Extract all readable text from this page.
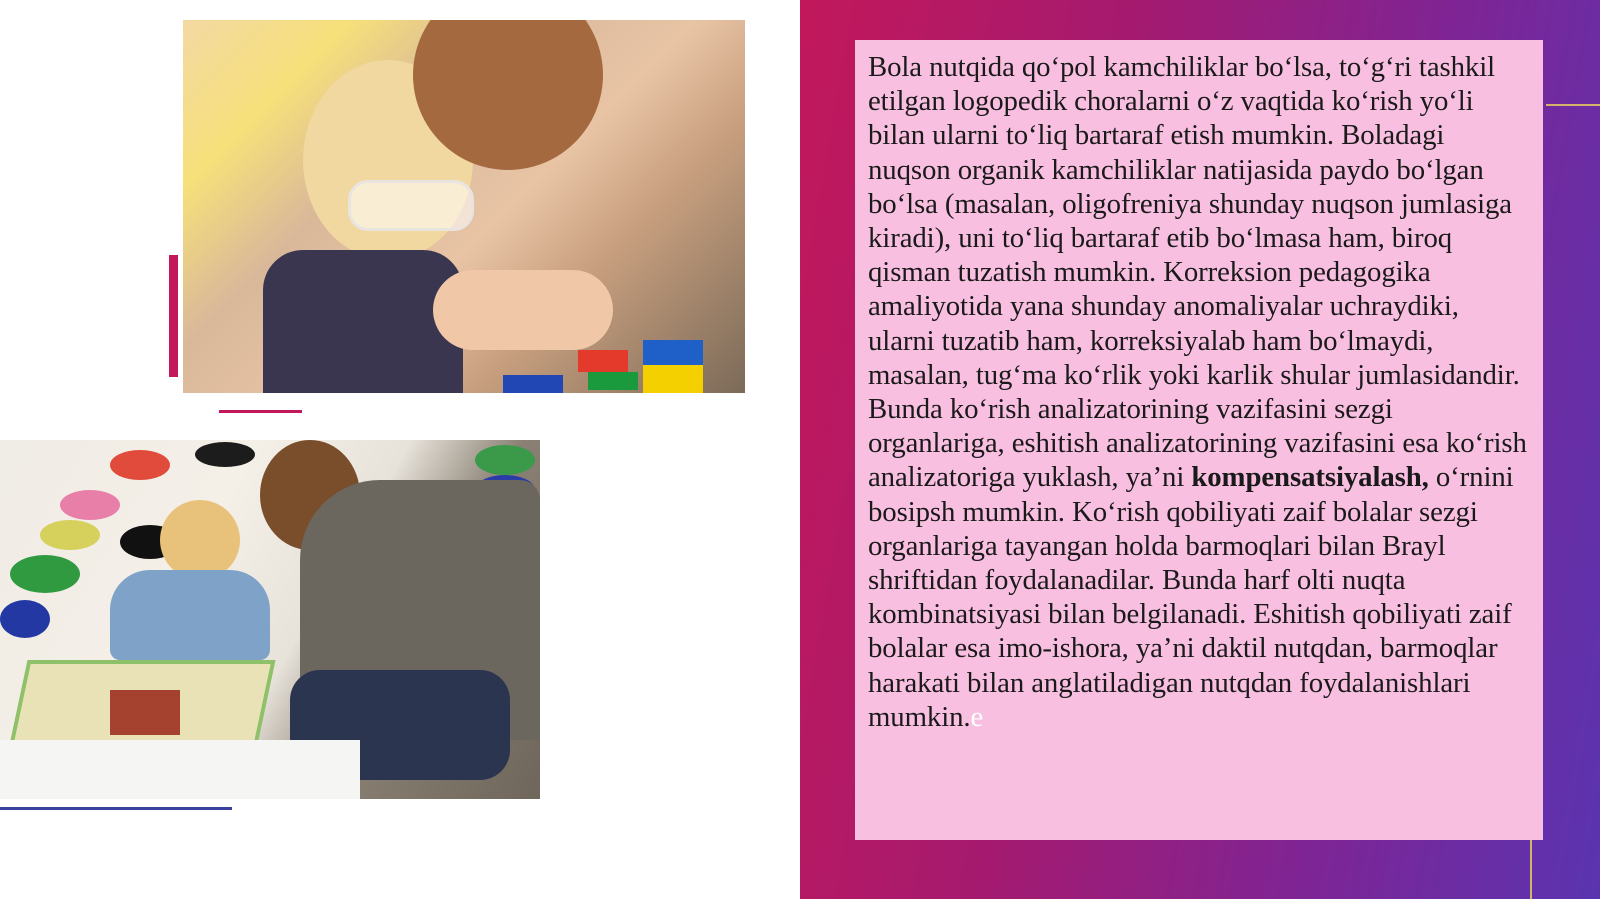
Bola nutqida qoʻpol kamchiliklar boʻlsa, toʻgʻri tashkil etilgan logopedik choralarni oʻz vaqtida koʻrish yoʻli bilan ularni toʻliq bartaraf etish mumkin. Boladagi nuqson organik kamchiliklar natijasida paydo boʻlgan boʻlsa (masalan, oligofreniya shunday nuqson jumlasiga kiradi), uni toʻliq bartaraf etib boʻlmasa ham, biroq qisman tuzatish mumkin. Korreksion pedagogika amaliyotida yana shunday anomaliyalar uchraydiki, ularni tuzatib ham, korreksiyalab ham boʻlmaydi, masalan, tugʻma koʻrlik yoki karlik shular jumlasidandir. Bunda koʻrish analizatorining vazifasini sezgi organlariga, eshitish analizatorining vazifasini esa koʻrish analizatoriga yuklash, ya’ni kompensatsiyalash, oʻrnini bosipsh mumkin. Koʻrish qobiliyati zaif bolalar sezgi organlariga tayangan holda barmoqlari bilan Brayl shriftidan foydalanadilar. Bunda harf olti nuqta kombinatsiyasi bilan belgilanadi. Eshitish qobiliyati zaif bolalar esa imo-ishora, ya’ni daktil nutqdan, barmoqlar harakati bilan anglatiladigan nutqdan foydalanishlari mumkin.e
